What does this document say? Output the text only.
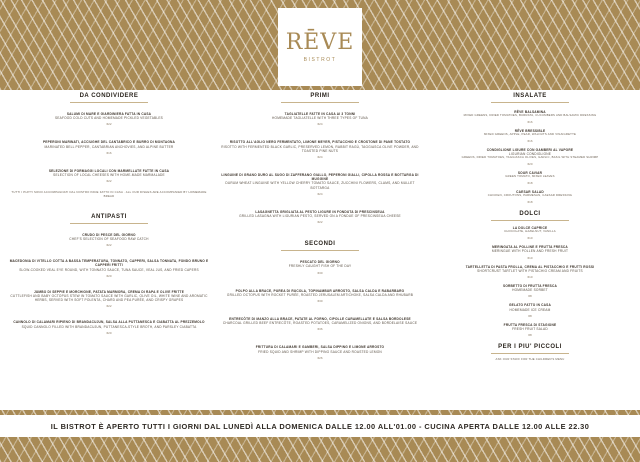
RĒVE
BISTROT
DA CONDIVIDERE
SALUMI DI MARE E GIARDINIERA FATTA IN CASA
SEAFOOD COLD CUTS AND HOMEMADE PICKLED VEGETABLES
€22
PEPERONI MARINATI, ACCIUGHE DEL CANTABRICO E BURRO DI MONTAGNA
MARINATED BELL PEPPER, CANTABRIAN ANCHOVIES, AND ALPINE BUTTER
€16
SELEZIONE DI FORMAGGI LOCALI CON MARMELLATE FATTE IN CASA
SELECTION OF LOCAL CHEESES WITH HOME-MADE MARMALADE
€22
TUTTI I PIATTI SONO ACCOMPAGNATI DAL NOSTRO PANE FATTO IN CASA · ALL OUR DISHES ARE ACCOMPANIED BY HOMEMADE BREAD
ANTIPASTI
CRUDO DI PESCE DEL GIORNO
CHEF'S SELECTION OF SEAFOOD RAW CATCH
€22
MACEDONIA DI VITELLO COTTA A BASSA TEMPERATURA, TONNATO, CAPPERI, SALSA TONNATA, FONDO BRUNO E CAPPERI FRITTI
SLOW-COOKED VEAL EYE ROUND, WITH TONNATO SAUCE, TUNA SAUCE, VEAL JUS, AND FRIED CAPERS
€20
JUMBO DI SEPPIE E MORCHIONE, PATATA MARMORA, CREMA DI RAPA E OLIVE FRITTE
CUTTLEFISH AND BABY OCTOPUS STEW IN TOMATO SAUCE WITH GARLIC, OLIVE OIL, WHITE WINE AND AROMATIC HERBS, SERVED WITH SOFT POLENTA, CHARD AND PEA PURÉE, AND CRISPY GRAPES
€22
CANNOLO DI CALAMARI RIPIENO DI BRANDACUJUN, SALSA ALLA PUTTANESCA E CIABATTA AL PREZZEMOLO
SQUID CANNOLO FILLED WITH BRANDACUJUN, PUTTANESCA-STYLE BROTH, AND PARSLEY CIABATTA
€20
PRIMI
TAGLIATELLE FATTE IN CASA AI 3 TONNI
HOMEMADE TAGLIATELLE WITH THREE TYPES OF TUNA
€24
RISOTTO ALL'AGLIO NERO FERMENTATO, LIMONE MEYER, PISTACCHIO E CROSTONE DI PANE TOSTATO
RISOTTO WITH FERMENTED BLACK GARLIC, PRESERVED LEMON, RABBIT RAGÙ, TAGGIASCA OLIVE POWDER, AND TOASTED PINE NUTS
€24
LINGUINE DI GRANO DURO AL SUGO DI ZAFFERANO GIALLO, PEPERONI GIALLI, CIPOLLA ROSSA E BOTTARGA DI MUGGINE
DURUM WHEAT LINGUINE WITH YELLOW CHERRY TOMATO SAUCE, ZUCCHINI FLOWERS, CLAMS, AND MULLET BOTTARGA
€24
LASAGNETTA GRIGLIATA AL PESTO LIGURE IN FONDUTA DI PRESCINSEUA
GRILLED LASAGNA WITH LIGURIAN PESTO, SERVED ON A FONDUE OF PRESCINSEUA CHEESE
€22
SECONDI
PESCATO DEL GIORNO
FRESHLY CAUGHT FISH OF THE DAY
€30
POLPO ALLA BRACE, PUREA DI RUCOLA, TOPINAMBUR ARROSTO, SALSA CALDA E RABARBARO
GRILLED OCTOPUS WITH ROCKET PURÉE, ROASTED JERUSALEM ARTICHOKE, SALSA CALDA AND RHUBARB
€30
ENTRECÔTE DI MANZO ALLA BRACE, PATATE AL FORNO, CIPOLLE CARAMELLATE E SALSA BORDOLESE
CHARCOAL GRILLED BEEF ENTRECÔTE, ROASTED POTATOES, CARAMELIZED ONIONS, AND BORDELAISE SAUCE
€36
FRITTURA DI CALAMARI E GAMBERI, SALSA DIPPING E LIMONE ARROSTO
FRIED SQUID AND SHRIMP WITH DIPPING SAUCE AND ROASTED LEMON
€26
INSALATE
RÊVE BALSAMINA
MIXED GREENS, DRIED TOMATOES, BURRATA, CUCUMBERS AND BALSAMIC DRESSING
€16
RÊVE BRESSIBLE
MIXED GREENS, APPLE, PEAR, WALNUTS AND VINAIGRETTE
€16
CONDIGLIONE LIGURE CON GAMBERI AL VAPORE
LIGURIAN CONDIGLIONE
GREENS, DRIED TOMATOES, TAGGIASCA OLIVES, GARLIC, BASIL WITH STEAMED SHRIMP
€20
SOUR CAVIAR
GREEN TOMATO, MIXED LEAVES
€18
CAESAR SALAD
CHICKEN, CROUTONS, PARMESAN, CAESAR DRESSING
€18
DOLCI
LA DOLCE CAPRICE
CHOCOLATE, HAZELNUT, VANILLA
€10
MERINGATA AL POLLINE E FRUTTA FRESCA
MERINGUE WITH POLLEN AND FRESH FRUIT
€10
TARTELLETTA DI PASTA FROLLA, CREMA AL PISTACCHIO E FRUTTI ROSSI
SHORTCRUST TARTLET WITH PISTACHIO CREAM AND FRUITS
€10
SORBETTO DI FRUTTA FRESCA
HOMEMADE SORBET
€8
GELATO FATTO IN CASA
HOMEMADE ICE CREAM
€8
FRUTTA FRESCA DI STAGIONE
FRESH FRUIT SALAD
€8
PER I PIU' PICCOLI
ASK OUR STAFF FOR THE CHILDREN'S MENU
IL BISTROT È APERTO TUTTI I GIORNI DAL LUNEDÌ ALLA DOMENICA DALLE 12.00 ALL'01.00 - CUCINA APERTA DALLE 12.00 ALLE 22.30
